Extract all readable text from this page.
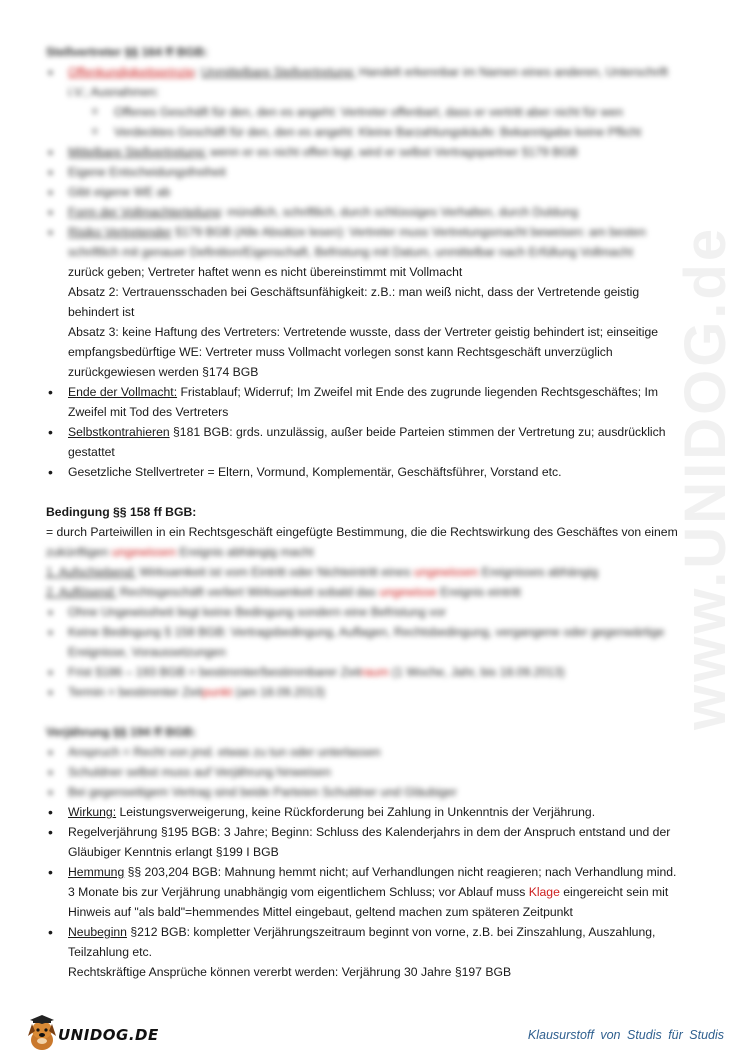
www.UNIDOG.de

Stellvertreter §§ 164 ff BGB:

• Offenkundigkeitsprinzip: Unmittelbare Stellvertretung: Handelt erkennbar im Namen eines anderen, Unterschrift i.V.; Ausnahmen:
o Offenes Geschäft für den, den es angeht: Vertreter offenbart, dass er vertritt aber nicht für wen
o Verdecktes Geschäft für den, den es angeht: Kleine Barzahlungskäufe: Bekanntgabe keine Pflicht
• Mittelbare Stellvertretung: wenn er es nicht offen legt, wird er selbst Vertragspartner §179 BGB
• Eigene Entscheidungsfreiheit
• Gibt eigene WE ab
• Form der Vollmachterteilung: mündlich, schriftlich, durch schlüssiges Verhalten, durch Duldung
• Risiko Vertretender §179 BGB (Alle Absätze lesen): Vertreter muss Vertretungsmacht beweisen: am besten schriftlich mit genauer Definition/Eigenschaft, Befristung mit Datum, unmittelbar nach Erfüllung Vollmacht
zurück geben; Vertreter haftet wenn es nicht übereinstimmt mit Vollmacht
Absatz 2: Vertrauensschaden bei Geschäftsunfähigkeit: z.B.: man weiß nicht, dass der Vertretende geistig behindert ist
Absatz 3: keine Haftung des Vertreters: Vertretende wusste, dass der Vertreter geistig behindert ist; einseitige empfangsbedürftige WE: Vertreter muss Vollmacht vorlegen sonst kann Rechtsgeschäft unverzüglich zurückgewiesen werden §174 BGB
• Ende der Vollmacht: Fristablauf; Widerruf; Im Zweifel mit Ende des zugrunde liegenden Rechtsgeschäftes; Im Zweifel mit Tod des Vertreters
• Selbstkontrahieren §181 BGB: grds. unzulässig, außer beide Parteien stimmen der Vertretung zu; ausdrücklich gestattet
• Gesetzliche Stellvertreter = Eltern, Vormund, Komplementär, Geschäftsführer, Vorstand etc.

Bedingung §§ 158 ff BGB:

= durch Parteiwillen in ein Rechtsgeschäft eingefügte Bestimmung, die die Rechtswirkung des Geschäftes von einem
zukünftigen ungewissen Ereignis abhängig macht
1. Aufschiebend: Wirksamkeit ist vom Eintritt oder Nichteintritt eines ungewissen Ereignisses abhängig
2. Auflösend: Rechtsgeschäft verliert Wirksamkeit sobald das ungewisse Ereignis eintritt
• Ohne Ungewissheit liegt keine Bedingung sondern eine Befristung vor
• Keine Bedingung § 158 BGB: Vertragsbedingung, Auflagen, Rechtsbedingung, vergangene oder gegenwärtige Ereignisse, Voraussetzungen
• Frist §186 – 193 BGB = bestimmter/bestimmbarer Zeitraum (1 Woche, Jahr, bis 18.09.2013)
• Termin = bestimmter Zeitpunkt (am 18.09.2013)

Verjährung §§ 194 ff BGB:

• Anspruch = Recht von jmd. etwas zu tun oder unterlassen
• Schuldner selbst muss auf Verjährung hinweisen
• Bei gegenseitigem Vertrag sind beide Parteien Schuldner und Gläubiger
• Wirkung: Leistungsverweigerung, keine Rückforderung bei Zahlung in Unkenntnis der Verjährung.
• Regelverjährung §195 BGB: 3 Jahre; Beginn: Schluss des Kalenderjahrs in dem der Anspruch entstand und der Gläubiger Kenntnis erlangt §199 I BGB
• Hemmung §§ 203,204 BGB: Mahnung hemmt nicht; auf Verhandlungen nicht reagieren; nach Verhandlung mind. 3 Monate bis zur Verjährung unabhängig vom eigentlichem Schluss; vor Ablauf muss Klage eingereicht sein mit Hinweis auf "als bald"=hemmendes Mittel eingebaut, geltend machen zum späteren Zeitpunkt
• Neubeginn §212 BGB: kompletter Verjährungszeitraum beginnt von vorne, z.B. bei Zinszahlung, Auszahlung, Teilzahlung etc.
Rechtskräftige Ansprüche können vererbt werden: Verjährung 30 Jahre §197 BGB
UNIDOG.DE	Klausurstoff von Studis für Studis
